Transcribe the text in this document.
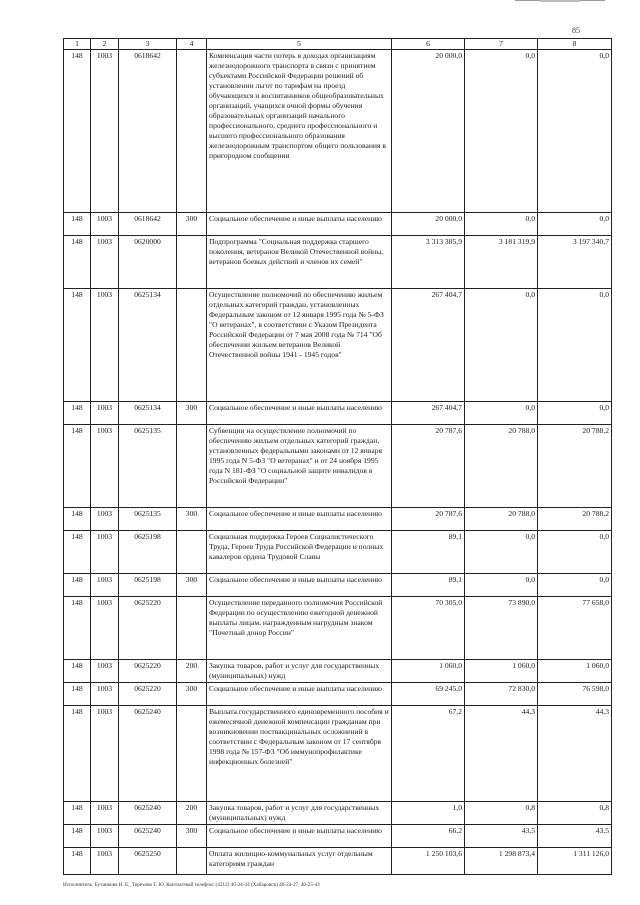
85
1	2	3	4	5	6	7	8
148	1003	0618642		Компенсация части потерь в доходах организациям железнодорожного транспорта в связи с принятием субъектами Российской Федерации решений об установлении льгот по тарифам на проезд обучающихся и воспитанников общеобразовательных организаций, учащихся очной формы обучения образовательных организаций начального профессионального, среднего профессионального и высшего профессионального образования железнодорожным транспортом общего пользования в пригородном сообщении	20 000,0	0,0	0,0
148	1003	0618642	300	Социальное обеспечение и иные выплаты населению	20 000,0	0,0	0,0
148	1003	0620000		Подпрограмма "Социальная поддержка старшего поколения, ветеранов Великой Отечественной войны, ветеранов боевых действий и членов их семей"	3 313 385,9	3 181 319,9	3 197 340,7
148	1003	0625134		Осуществление полномочий по обеспечению жильем отдельных категорий граждан, установленных Федеральным законом от 12 января 1995 года № 5-ФЗ "О ветеранах", в соответствии с Указом Президента Российской Федерации от 7 мая 2008 года № 714 "Об обеспечении жильем ветеранов Великой Отечественной войны 1941 - 1945 годов"	267 404,7	0,0	0,0
148	1003	0625134	300	Социальное обеспечение и иные выплаты населению	267 404,7	0,0	0,0
148	1003	0625135		Субвенции на осуществление полномочий по обеспечению жильем отдельных категорий граждан, установленных федеральными законами от 12 января 1995 года N 5-ФЗ "О ветеранах" и от 24 ноября 1995 года N 181-ФЗ "О социальной защите инвалидов в Российской Федерации"	20 787,6	20 788,0	20 788,2
148	1003	0625135	300	Социальное обеспечение и иные выплаты населению	20 787,6	20 788,0	20 788,2
148	1003	0625198		Социальная поддержка Героев Социалистического Труда, Героев Труда Российской Федерации и полных кавалеров ордена Трудовой Славы	89,1	0,0	0,0
148	1003	0625198	300	Социальное обеспечение и иные выплаты населению	89,1	0,0	0,0
148	1003	0625220		Осуществление переданного полномочия Российской Федерации по осуществлению ежегодной денежной выплаты лицам, награжденным нагрудным знаком "Почетный донор России"	70 305,0	73 890,0	77 658,0
148	1003	0625220	200	Закупка товаров, работ и услуг для государственных (муниципальных) нужд	1 060,0	1 060,0	1 060,0
148	1003	0625220	300	Социальное обеспечение и иные выплаты населению	69 245,0	72 830,0	76 598,0
148	1003	0625240		Выплата государственного единовременного пособия и ежемесячной денежной компенсации гражданам при возникновении поствакцинальных осложнений в соответствии с Федеральным законом от 17 сентября 1998 года № 157-ФЗ "Об иммунопрофилактике инфекционных болезней"	67,2	44,3	44,3
148	1003	0625240	200	Закупка товаров, работ и услуг для государственных (муниципальных) нужд	1,0	0,8	0,8
148	1003	0625240	300	Социальное обеспечение и иные выплаты населению	66,2	43,5	43,5
148	1003	0625250		Оплата жилищно-коммунальных услуг отдельным категориям граждан	1 250 103,6	1 298 873,4	1 311 126,0
Исполнитель: Буханкова Н. Е., Терехова Т. Ю. Контактный телефон: (4212) 40-24-24 (Хабаровск) 40-24-27, 40-25-43
